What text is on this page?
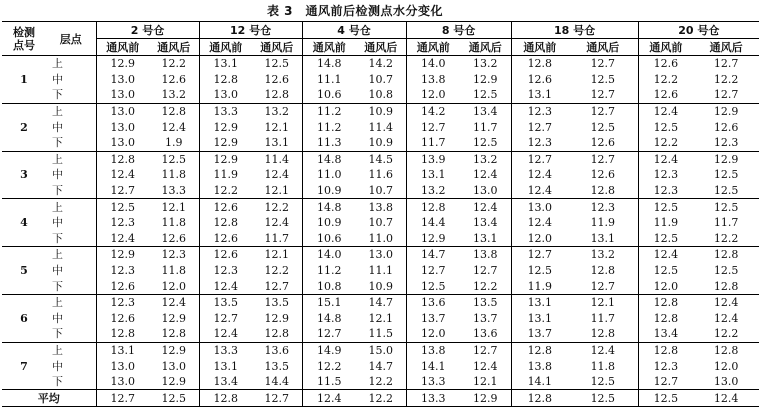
表 3　通风前后检测点水分变化
检测
点号	层点	2 号仓		12 号仓		4 号仓		8 号仓		18 号仓		20 号仓	
		通风前	通风后	通风前	通风后	通风前	通风后	通风前	通风后	通风前	通风后	通风前	通风后
1	上	12.9	12.2	13.1	12.5	14.8	14.2	14.0	13.2	12.8	12.7	12.6	12.7
	中	13.0	12.6	12.8	12.6	11.1	10.7	13.8	12.9	12.6	12.5	12.2	12.2
	下	13.0	13.2	13.0	12.8	10.6	10.8	12.0	12.5	13.1	12.7	12.6	12.7
2	上	13.0	12.8	13.3	13.2	11.2	10.9	14.2	13.4	12.3	12.7	12.4	12.9
	中	13.0	12.4	12.9	12.1	11.2	11.4	12.7	11.7	12.7	12.5	12.5	12.6
	下	13.0	1.9	12.9	13.1	11.3	10.9	11.7	12.5	12.3	12.6	12.2	12.3
3	上	12.8	12.5	12.9	11.4	14.8	14.5	13.9	13.2	12.7	12.7	12.4	12.9
	中	12.4	11.8	11.9	12.4	11.0	11.6	13.1	12.4	12.4	12.6	12.3	12.5
	下	12.7	13.3	12.2	12.1	10.9	10.7	13.2	13.0	12.4	12.8	12.3	12.5
4	上	12.5	12.1	12.6	12.2	14.8	13.8	12.8	12.4	13.0	12.3	12.5	12.5
	中	12.3	11.8	12.8	12.4	10.9	10.7	14.4	13.4	12.4	11.9	11.9	11.7
	下	12.4	12.6	12.6	11.7	10.6	11.0	12.9	13.1	12.0	13.1	12.5	12.2
5	上	12.9	12.3	12.6	12.1	14.0	13.0	14.7	13.8	12.7	13.2	12.4	12.8
	中	12.3	11.8	12.3	12.2	11.2	11.1	12.7	12.7	12.5	12.8	12.5	12.5
	下	12.6	12.0	12.4	12.7	10.8	10.9	12.5	12.2	11.9	12.7	12.0	12.8
6	上	12.3	12.4	13.5	13.5	15.1	14.7	13.6	13.5	13.1	12.1	12.8	12.4
	中	12.6	12.9	12.7	12.9	14.8	12.1	13.7	13.7	13.1	11.7	12.8	12.4
	下	12.8	12.8	12.4	12.8	12.7	11.5	12.0	13.6	13.7	12.8	13.4	12.2
7	上	13.1	12.9	13.3	13.6	14.9	15.0	13.8	12.7	12.8	12.4	12.8	12.8
	中	13.0	13.0	13.1	13.5	12.2	14.7	14.1	12.4	13.8	11.8	12.3	12.0
	下	13.0	12.9	13.4	14.4	11.5	12.2	13.3	12.1	14.1	12.5	12.7	13.0
平均		12.7	12.5	12.8	12.7	12.4	12.2	13.3	12.9	12.8	12.5	12.5	12.4
